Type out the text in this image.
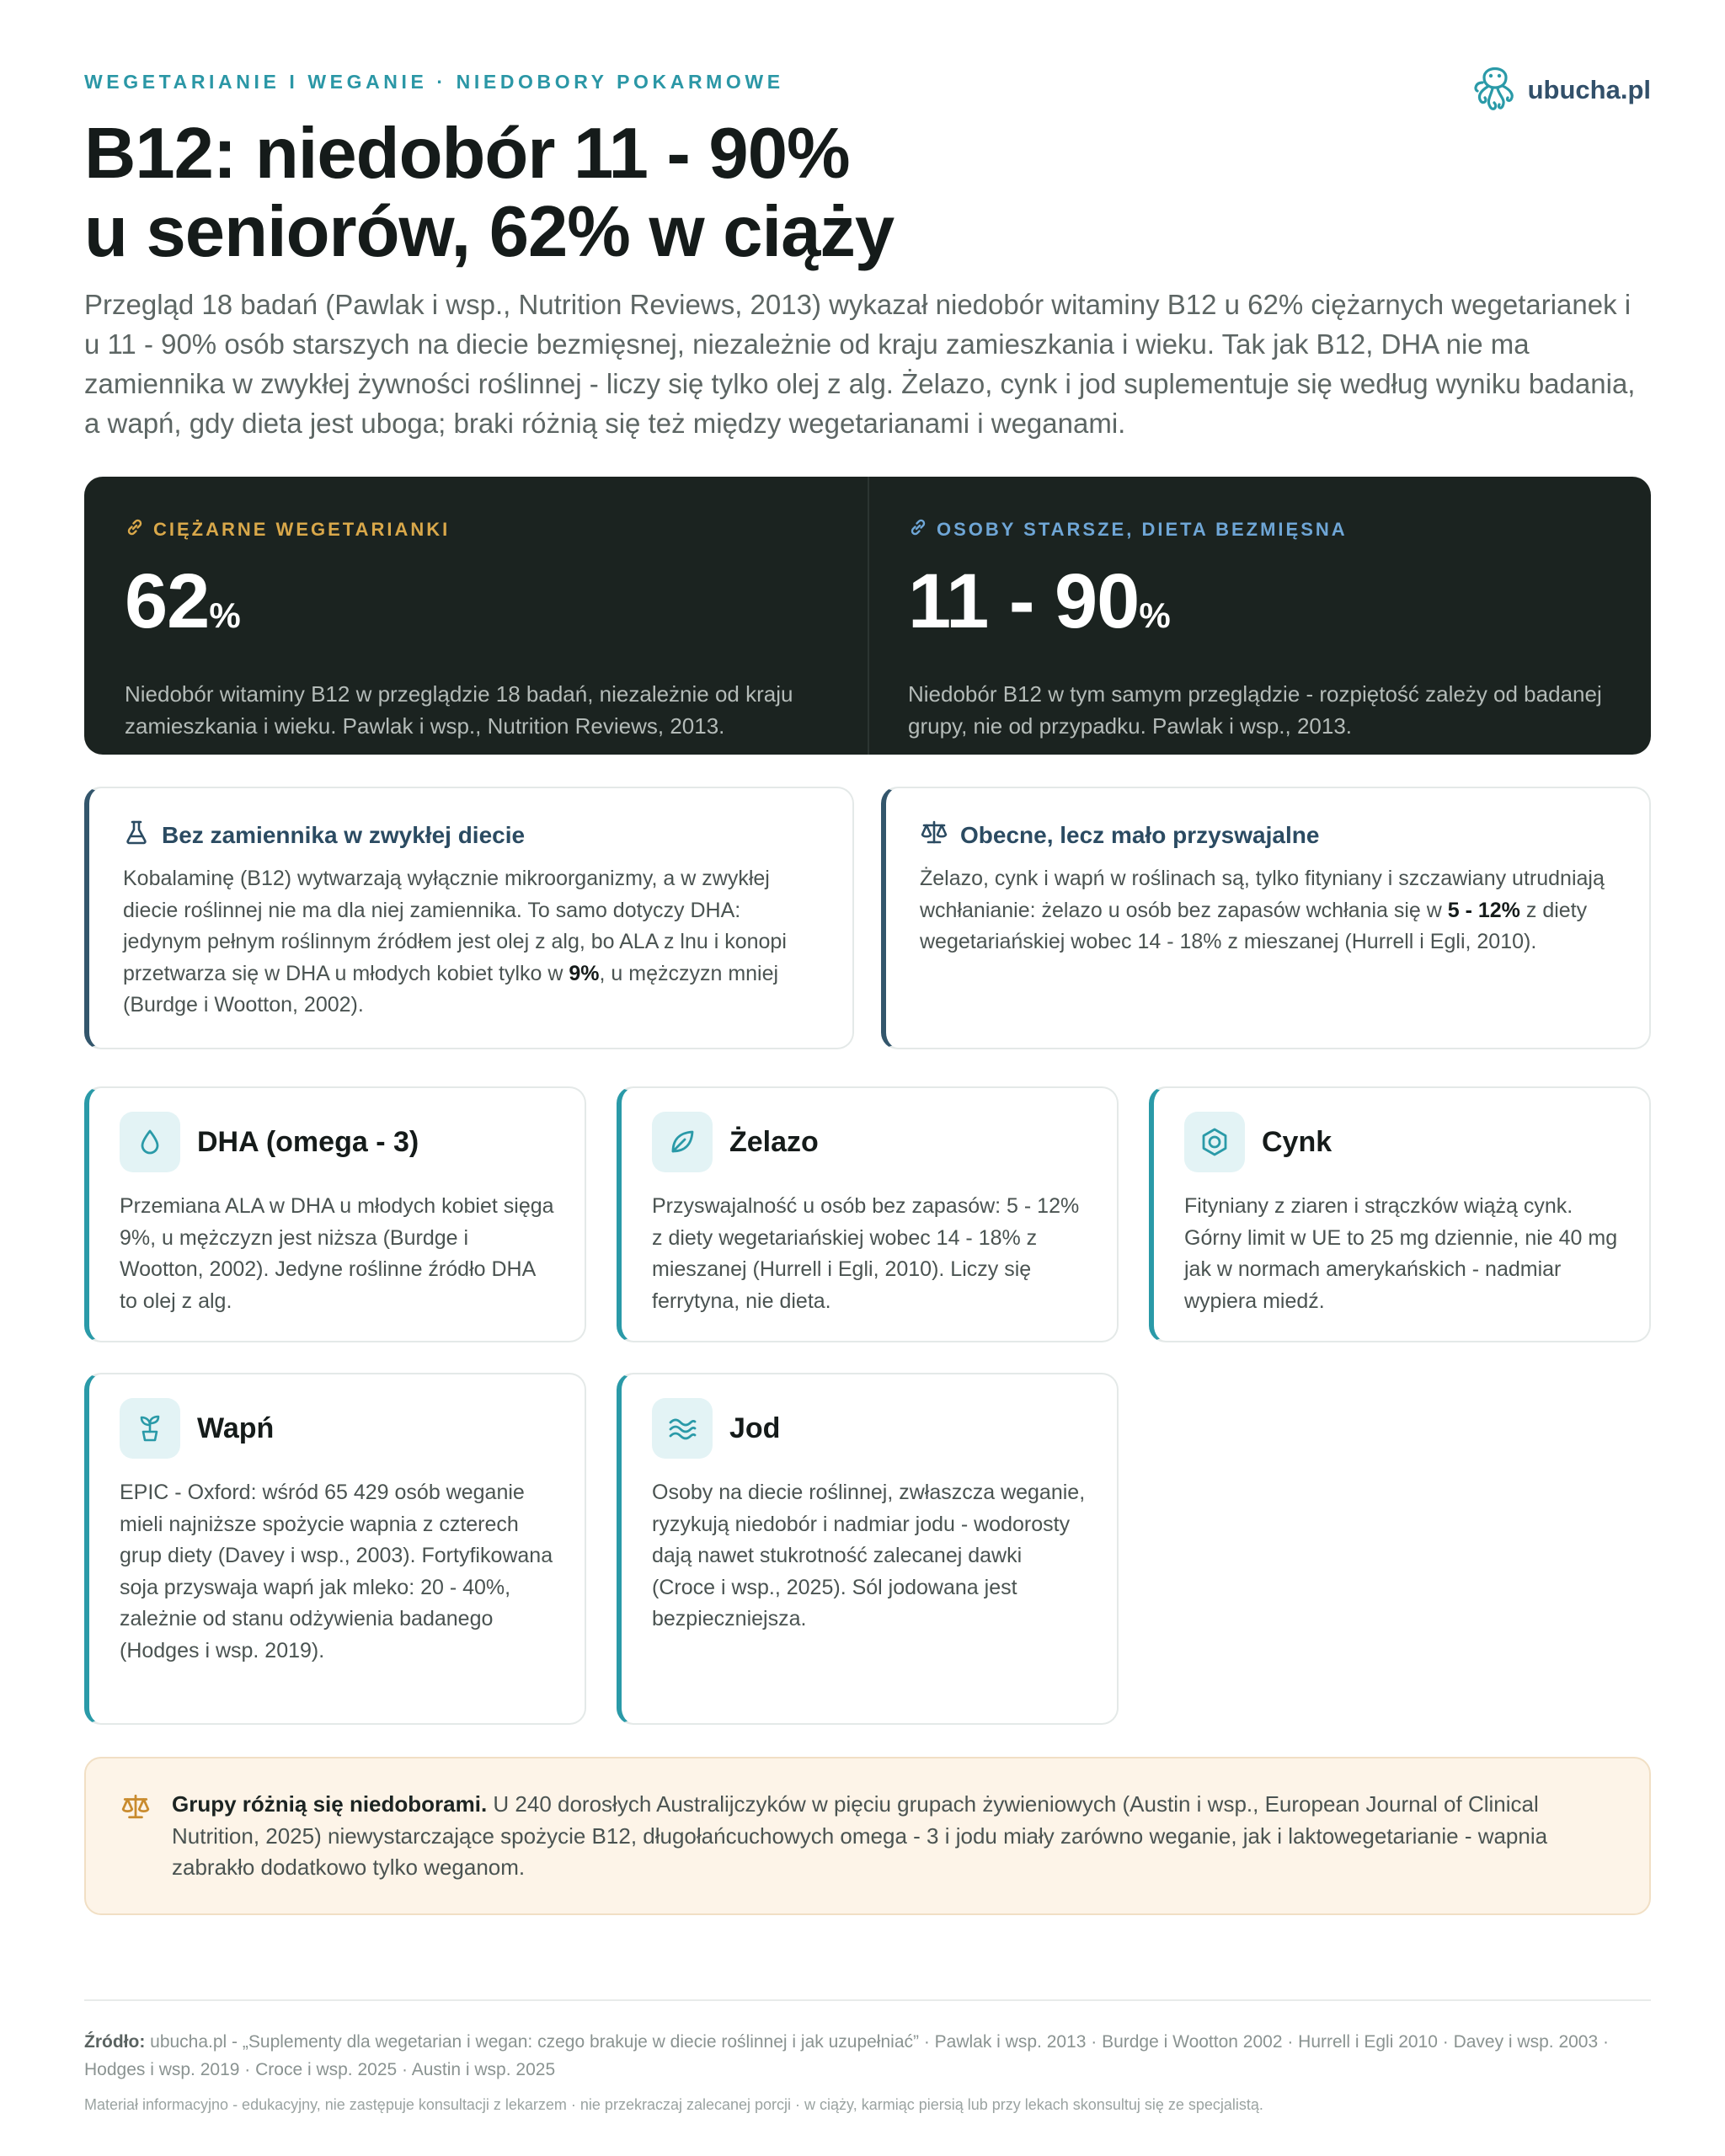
WEGETARIANIE I WEGANIE · NIEDOBORY POKARMOWE	ubucha.pl
B12: niedobór 11 - 90%
u seniorów, 62% w ciąży

Przegląd 18 badań (Pawlak i wsp., Nutrition Reviews, 2013) wykazał niedobór witaminy B12 u 62% ciężarnych wegetarianek i u 11 - 90% osób starszych na diecie bezmięsnej, niezależnie od kraju zamieszkania i wieku. Tak jak B12, DHA nie ma zamiennika w zwykłej żywności roślinnej - liczy się tylko olej z alg. Żelazo, cynk i jod suplementuje się według wyniku badania, a wapń, gdy dieta jest uboga; braki różnią się też między wegetarianami i weganami.

CIĘŻARNE WEGETARIANKI
62%

Niedobór witaminy B12 w przeglądzie 18 badań, niezależnie od kraju zamieszkania i wieku. Pawlak i wsp., Nutrition Reviews, 2013.

OSOBY STARSZE, DIETA BEZMIĘSNA
11 - 90%

Niedobór B12 w tym samym przeglądzie - rozpiętość zależy od badanej grupy, nie od przypadku. Pawlak i wsp., 2013.

Bez zamiennika w zwykłej diecie

Kobalaminę (B12) wytwarzają wyłącznie mikroorganizmy, a w zwykłej diecie roślinnej nie ma dla niej zamiennika. To samo dotyczy DHA: jedynym pełnym roślinnym źródłem jest olej z alg, bo ALA z lnu i konopi przetwarza się w DHA u młodych kobiet tylko w 9%, u mężczyzn mniej (Burdge i Wootton, 2002).

Obecne, lecz mało przyswajalne

Żelazo, cynk i wapń w roślinach są, tylko fityniany i szczawiany utrudniają wchłanianie: żelazo u osób bez zapasów wchłania się w 5 - 12% z diety wegetariańskiej wobec 14 - 18% z mieszanej (Hurrell i Egli, 2010).

DHA (omega - 3)

Przemiana ALA w DHA u młodych kobiet sięga 9%, u mężczyzn jest niższa (Burdge i Wootton, 2002). Jedyne roślinne źródło DHA to olej z alg.

Żelazo

Przyswajalność u osób bez zapasów: 5 - 12% z diety wegetariańskiej wobec 14 - 18% z mieszanej (Hurrell i Egli, 2010). Liczy się ferrytyna, nie dieta.

Cynk

Fityniany z ziaren i strączków wiążą cynk. Górny limit w UE to 25 mg dziennie, nie 40 mg jak w normach amerykańskich - nadmiar wypiera miedź.

Wapń

EPIC - Oxford: wśród 65 429 osób weganie mieli najniższe spożycie wapnia z czterech grup diety (Davey i wsp., 2003). Fortyfikowana soja przyswaja wapń jak mleko: 20 - 40%, zależnie od stanu odżywienia badanego (Hodges i wsp. 2019).

Jod

Osoby na diecie roślinnej, zwłaszcza weganie, ryzykują niedobór i nadmiar jodu - wodorosty dają nawet stukrotność zalecanej dawki (Croce i wsp., 2025). Sól jodowana jest bezpieczniejsza.

Grupy różnią się niedoborami. U 240 dorosłych Australijczyków w pięciu grupach żywieniowych (Austin i wsp., European Journal of Clinical Nutrition, 2025) niewystarczające spożycie B12, długołańcuchowych omega - 3 i jodu miały zarówno weganie, jak i laktowegetarianie - wapnia zabrakło dodatkowo tylko weganom.

Źródło: ubucha.pl - „Suplementy dla wegetarian i wegan: czego brakuje w diecie roślinnej i jak uzupełniać” · Pawlak i wsp. 2013 · Burdge i Wootton 2002 · Hurrell i Egli 2010 · Davey i wsp. 2003 · Hodges i wsp. 2019 · Croce i wsp. 2025 · Austin i wsp. 2025

Materiał informacyjno - edukacyjny, nie zastępuje konsultacji z lekarzem · nie przekraczaj zalecanej porcji · w ciąży, karmiąc piersią lub przy lekach skonsultuj się ze specjalistą.
